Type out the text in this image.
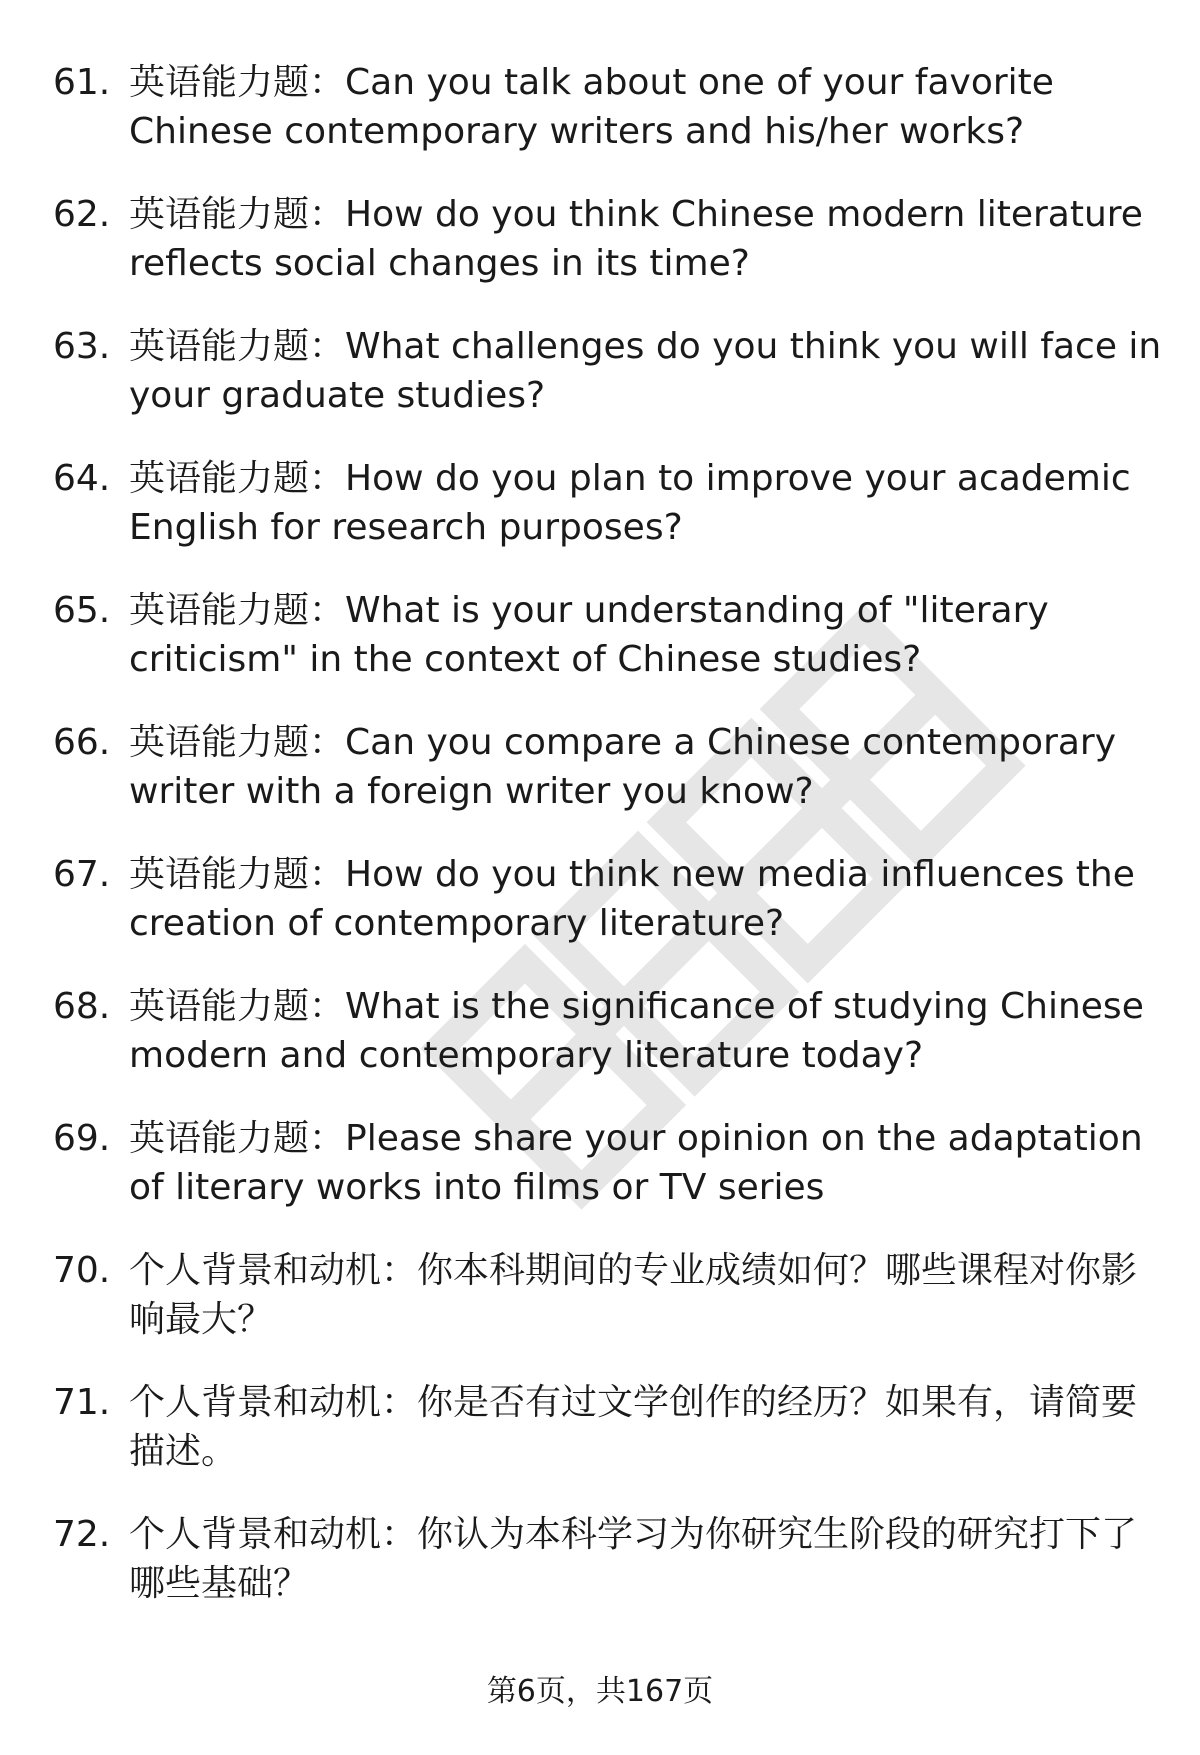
61. 英语能力题：Can you talk about one of your favorite Chinese contemporary writers and his/her works?
62. 英语能力题：How do you think Chinese modern literature reflects social changes in its time?
63. 英语能力题：What challenges do you think you will face in your graduate studies?
64. 英语能力题：How do you plan to improve your academic English for research purposes?
65. 英语能力题：What is your understanding of "literary criticism" in the context of Chinese studies?
66. 英语能力题：Can you compare a Chinese contemporary writer with a foreign writer you know?
67. 英语能力题：How do you think new media influences the creation of contemporary literature?
68. 英语能力题：What is the significance of studying Chinese modern and contemporary literature today?
69. 英语能力题：Please share your opinion on the adaptation of literary works into films or TV series
70. 个人背景和动机：你本科期间的专业成绩如何？哪些课程对你影响最大？
71. 个人背景和动机：你是否有过文学创作的经历？如果有，请简要描述。
72. 个人背景和动机：你认为本科学习为你研究生阶段的研究打下了哪些基础？
第6页，共167页
